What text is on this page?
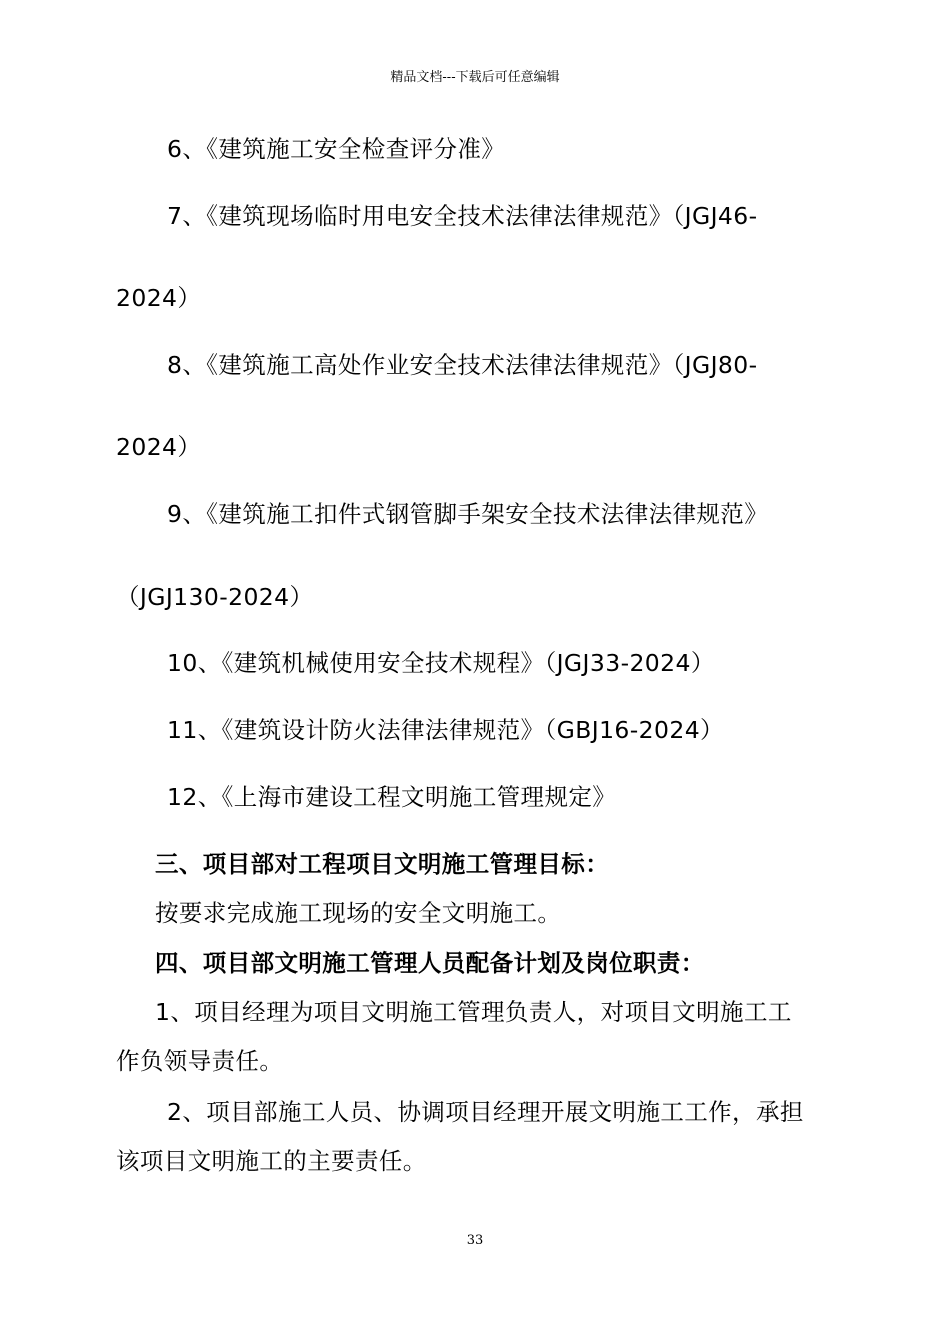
精品文档---下载后可任意编辑
6、《建筑施工安全检查评分准》
7、《建筑现场临时用电安全技术法律法律规范》（JGJ46-
2024）
8、《建筑施工高处作业安全技术法律法律规范》（JGJ80-
2024）
9、《建筑施工扣件式钢管脚手架安全技术法律法律规范》
（JGJ130-2024）
10、《建筑机械使用安全技术规程》（JGJ33-2024）
11、《建筑设计防火法律法律规范》（GBJ16-2024）
12、《上海市建设工程文明施工管理规定》
三、项目部对工程项目文明施工管理目标：
按要求完成施工现场的安全文明施工。
四、项目部文明施工管理人员配备计划及岗位职责：
1、项目经理为项目文明施工管理负责人，对项目文明施工工
作负领导责任。
2、项目部施工人员、协调项目经理开展文明施工工作，承担
该项目文明施工的主要责任。
33
